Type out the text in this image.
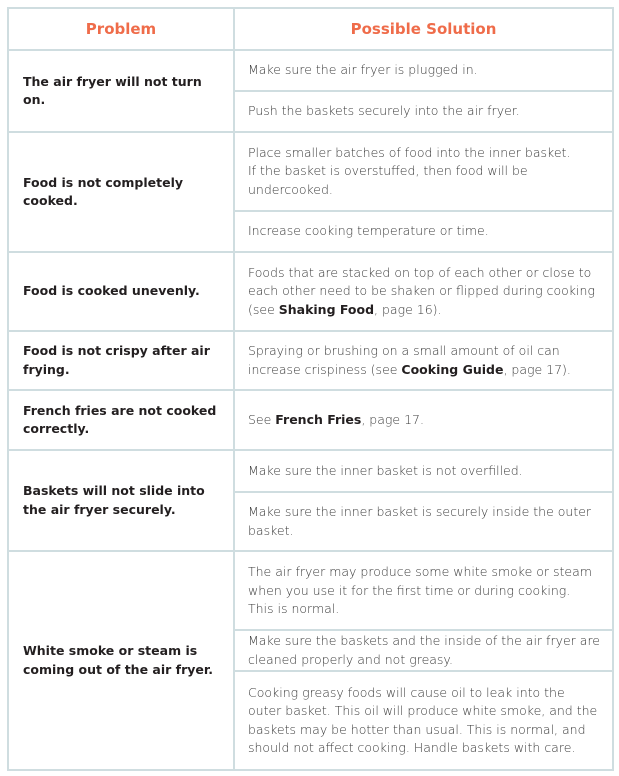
Problem	Possible Solution
The air fryer will not turn on.	Make sure the air fryer is plugged in.
	Push the baskets securely into the air fryer.
Food is not completely cooked.	Place smaller batches of food into the inner basket.
If the basket is overstuffed, then food will be
undercooked.
	Increase cooking temperature or time.
Food is cooked unevenly.	Foods that are stacked on top of each other or close to
each other need to be shaken or flipped during cooking
(see Shaking Food, page 16).
Food is not crispy after air frying.	Spraying or brushing on a small amount of oil can
increase crispiness (see Cooking Guide, page 17).
French fries are not cooked correctly.	See French Fries, page 17.
Baskets will not slide into the air fryer securely.	Make sure the inner basket is not overfilled.
	Make sure the inner basket is securely inside the outer
basket.
White smoke or steam is coming out of the air fryer.	The air fryer may produce some white smoke or steam
when you use it for the first time or during cooking.
This is normal.
	Make sure the baskets and the inside of the air fryer are
cleaned properly and not greasy.
	Cooking greasy foods will cause oil to leak into the
outer basket. This oil will produce white smoke, and the
baskets may be hotter than usual. This is normal, and
should not affect cooking. Handle baskets with care.
